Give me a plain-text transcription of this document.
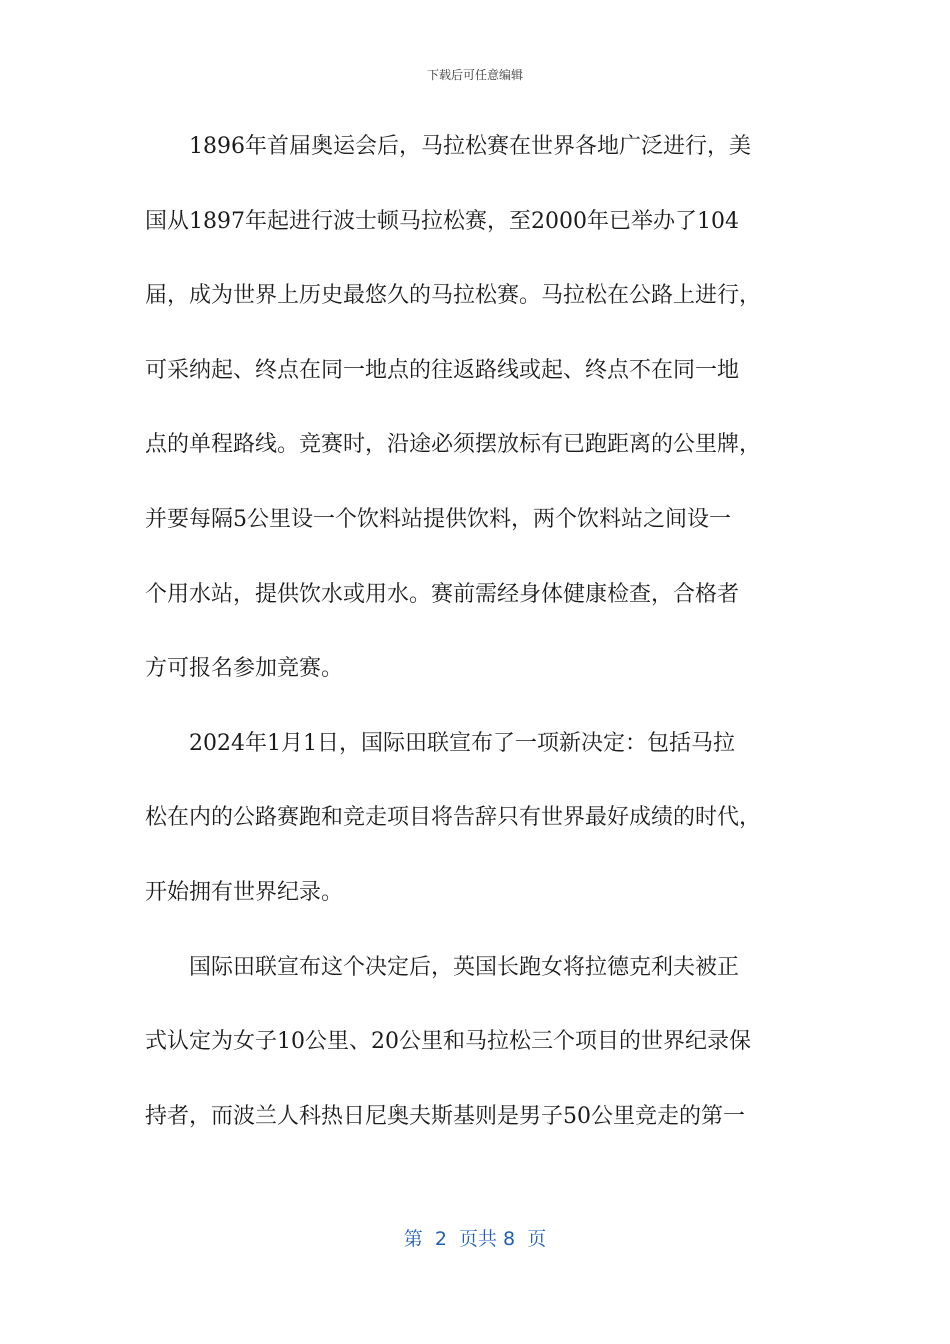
下载后可任意编辑
　　1896年首届奥运会后，马拉松赛在世界各地广泛进行，美
国从1897年起进行波士顿马拉松赛，至2000年已举办了104
届，成为世界上历史最悠久的马拉松赛。马拉松在公路上进行，
可采纳起、终点在同一地点的往返路线或起、终点不在同一地
点的单程路线。竞赛时，沿途必须摆放标有已跑距离的公里牌，
并要每隔5公里设一个饮料站提供饮料，两个饮料站之间设一
个用水站，提供饮水或用水。赛前需经身体健康检查，合格者
方可报名参加竞赛。
　　2024年1月1日，国际田联宣布了一项新决定：包括马拉
松在内的公路赛跑和竞走项目将告辞只有世界最好成绩的时代，
开始拥有世界纪录。
　　国际田联宣布这个决定后，英国长跑女将拉德克利夫被正
式认定为女子10公里、20公里和马拉松三个项目的世界纪录保
持者，而波兰人科热日尼奥夫斯基则是男子50公里竞走的第一
第  2  页共 8  页
